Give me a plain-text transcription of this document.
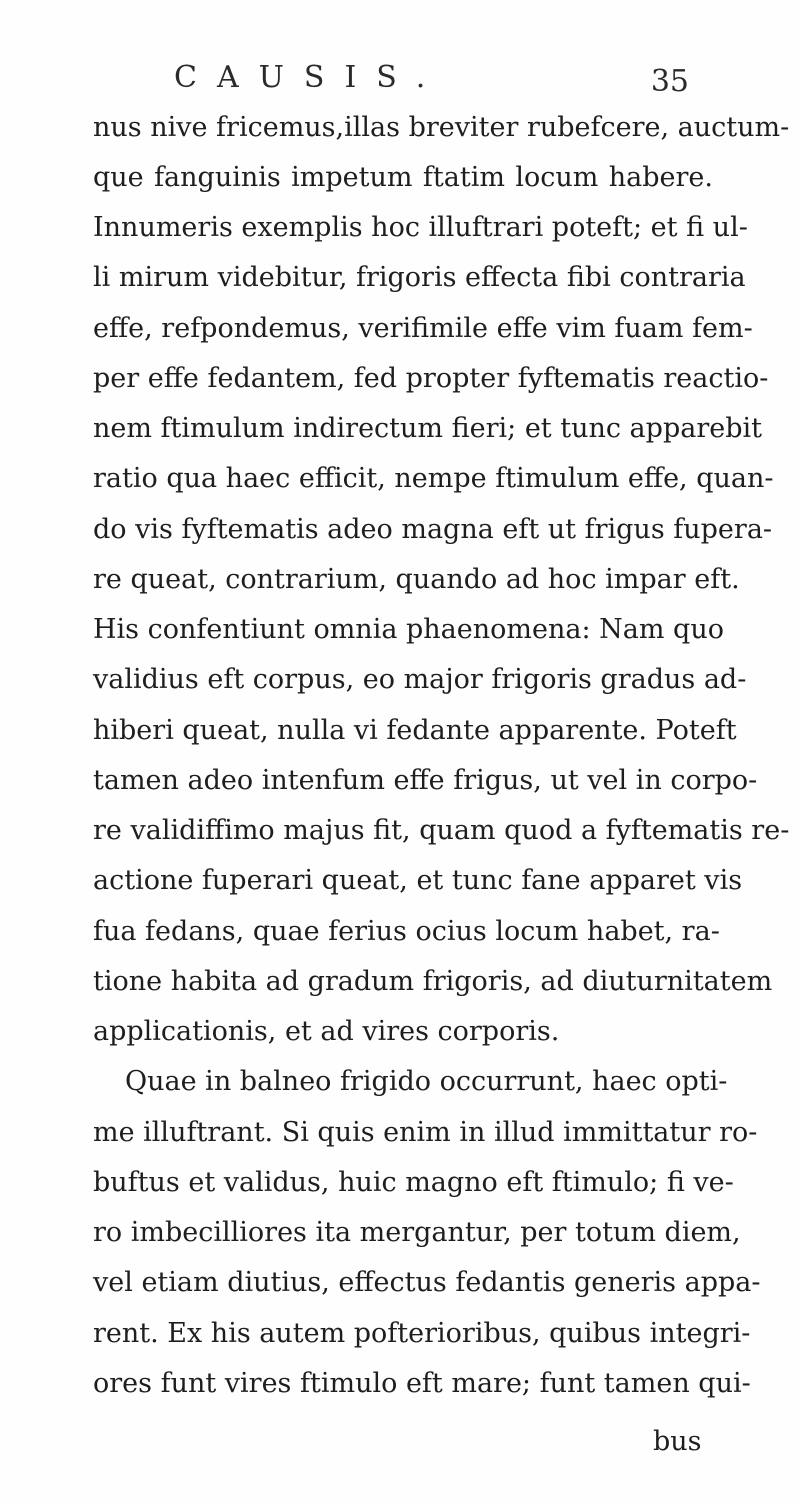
CAUSIS.	35
nus nive fricemus,illas breviter rubefcere, auctum-
que fanguinis impetum ftatim locum habere.
Innumeris exemplis hoc illuftrari poteft; et fi ul-
li mirum videbitur, frigoris effecta fibi contraria
effe, refpondemus, verifimile effe vim fuam fem-
per effe fedantem, fed propter fyftematis reactio-
nem ftimulum indirectum fieri; et tunc apparebit
ratio qua haec efficit, nempe ftimulum effe, quan-
do vis fyftematis adeo magna eft ut frigus fupera-
re queat, contrarium, quando ad hoc impar eft.
His confentiunt omnia phaenomena: Nam quo
validius eft corpus, eo major frigoris gradus ad-
hiberi queat, nulla vi fedante apparente. Poteft
tamen adeo intenfum effe frigus, ut vel in corpo-
re validiffimo majus fit, quam quod a fyftematis re-
actione fuperari queat, et tunc fane apparet vis
fua fedans, quae ferius ocius locum habet, ra-
tione habita ad gradum frigoris, ad diuturnitatem
applicationis, et ad vires corporis.
Quae in balneo frigido occurrunt, haec opti-
me illuftrant. Si quis enim in illud immittatur ro-
buftus et validus, huic magno eft ftimulo; fi ve-
ro imbecilliores ita mergantur, per totum diem,
vel etiam diutius, effectus fedantis generis appa-
rent. Ex his autem pofterioribus, quibus integri-
ores funt vires ftimulo eft mare; funt tamen qui-
bus
